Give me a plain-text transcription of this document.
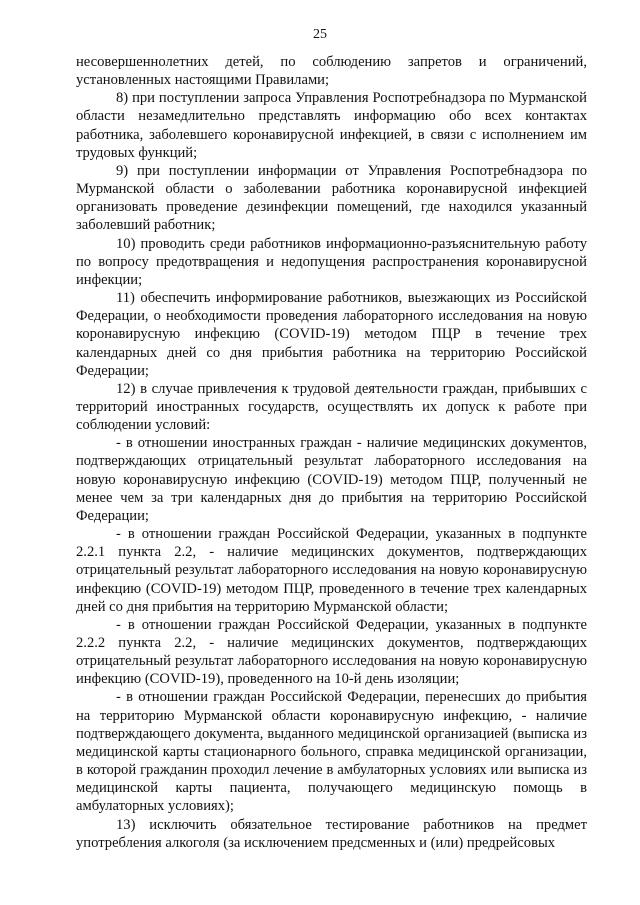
25

несовершеннолетних детей, по соблюдению запретов и ограничений, установленных настоящими Правилами;

8) при поступлении запроса Управления Роспотребнадзора по Мурманской области незамедлительно представлять информацию обо всех контактах работника, заболевшего коронавирусной инфекцией, в связи с исполнением им трудовых функций;

9) при поступлении информации от Управления Роспотребнадзора по Мурманской области о заболевании работника коронавирусной инфекцией организовать проведение дезинфекции помещений, где находился указанный заболевший работник;

10) проводить среди работников информационно-разъяснительную работу по вопросу предотвращения и недопущения распространения коронавирусной инфекции;

11) обеспечить информирование работников, выезжающих из Российской Федерации, о необходимости проведения лабораторного исследования на новую коронавирусную инфекцию (COVID-19) методом ПЦР в течение трех календарных дней со дня прибытия работника на территорию Российской Федерации;

12) в случае привлечения к трудовой деятельности граждан, прибывших с территорий иностранных государств, осуществлять их допуск к работе при соблюдении условий:

- в отношении иностранных граждан - наличие медицинских документов, подтверждающих отрицательный результат лабораторного исследования на новую коронавирусную инфекцию (COVID-19) методом ПЦР, полученный не менее чем за три календарных дня до прибытия на территорию Российской Федерации;

- в отношении граждан Российской Федерации, указанных в подпункте 2.2.1 пункта 2.2, - наличие медицинских документов, подтверждающих отрицательный результат лабораторного исследования на новую коронавирусную инфекцию (COVID-19) методом ПЦР, проведенного в течение трех календарных дней со дня прибытия на территорию Мурманской области;

- в отношении граждан Российской Федерации, указанных в подпункте 2.2.2 пункта 2.2, - наличие медицинских документов, подтверждающих отрицательный результат лабораторного исследования на новую коронавирусную инфекцию (COVID-19), проведенного на 10-й день изоляции;

- в отношении граждан Российской Федерации, перенесших до прибытия на территорию Мурманской области коронавирусную инфекцию, - наличие подтверждающего документа, выданного медицинской организацией (выписка из медицинской карты стационарного больного, справка медицинской организации, в которой гражданин проходил лечение в амбулаторных условиях или выписка из медицинской карты пациента, получающего медицинскую помощь в амбулаторных условиях);

13) исключить обязательное тестирование работников на предмет употребления алкоголя (за исключением предсменных и (или) предрейсовых
